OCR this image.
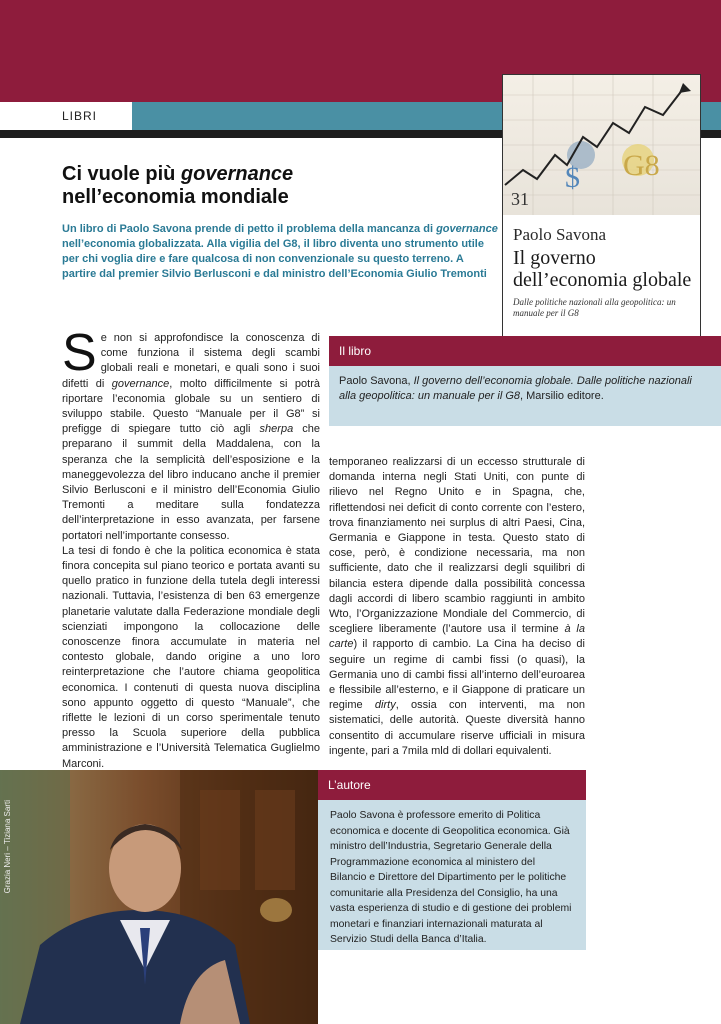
LIBRI
$ G8
31
Paolo Savona
Il governo dell’economia globale
Dalle politiche nazionali alla geopolitica: un manuale per il G8
Ci vuole più governance
nell’economia mondiale
Un libro di Paolo Savona prende di petto il problema della mancanza di governance nell’economia globalizzata. Alla vigilia del G8, il libro diventa uno strumento utile per chi voglia dire e fare qualcosa di non convenzionale su questo terreno. A partire dal premier Silvio Berlusconi e dal ministro dell’Economia Giulio Tremonti
Se non si approfondisce la conoscenza di come funziona il sistema degli scambi globali reali e monetari, e quali sono i suoi difetti di governance, molto difficilmente si potrà riportare l’economia globale su un sentiero di sviluppo stabile. Questo “Manuale per il G8” si prefigge di spiegare tutto ciò agli sherpa che preparano il summit della Maddalena, con la speranza che la semplicità dell’esposizione e la maneggevolezza del libro inducano anche il premier Silvio Berlusconi e il ministro dell’Economia Giulio Tremonti a meditare sulla fondatezza dell’interpretazione in esso avanzata, per farsene portatori nell’importante consesso.
La tesi di fondo è che la politica economica è stata finora concepita sul piano teorico e portata avanti su quello pratico in funzione della tutela degli interessi nazionali. Tuttavia, l’esistenza di ben 63 emergenze planetarie valutate dalla Federazione mondiale degli scienziati impongono la collocazione delle conoscenze finora accumulate in materia nel contesto globale, dando origine a uno loro reinterpretazione che l’autore chiama geopolitica economica. I contenuti di questa nuova disciplina sono appunto oggetto di questo “Manuale”, che riflette le lezioni di un corso sperimentale tenuto presso la Scuola superiore della pubblica amministrazione e l’Università Telematica Guglielmo Marconi.

Il libro
Paolo Savona, Il governo dell’economia globale. Dalle politiche nazionali alla geopolitica: un manuale per il G8, Marsilio editore.
temporaneo realizzarsi di un eccesso strutturale di domanda interna negli Stati Uniti, con punte di rilievo nel Regno Unito e in Spagna, che, riflettendosi nei deficit di conto corrente con l’estero, trova finanziamento nei surplus di altri Paesi, Cina, Germania e Giappone in testa. Questo stato di cose, però, è condizione necessaria, ma non sufficiente, dato che il realizzarsi degli squilibri di bilancia estera dipende dalla possibilità concessa dagli accordi di libero scambio raggiunti in ambito Wto, l’Organizzazione Mondiale del Commercio, di scegliere liberamente (l’autore usa il termine à la carte) il rapporto di cambio. La Cina ha deciso di seguire un regime di cambi fissi (o quasi), la Germania uno di cambi fissi all’interno dell’euroarea e flessibile all’esterno, e il Giappone di praticare un regime dirty, ossia con interventi, ma non sistematici, delle autorità. Queste diversità hanno consentito di accumulare riserve ufficiali in misura ingente, pari a 7mila mld di dollari equivalenti.
Grazia Neri – Tiziana Sarti
L’autore
Paolo Savona è professore emerito di Politica economica e docente di Geopolitica economica. Già ministro dell’Industria, Segretario Generale della Programmazione economica al ministero del Bilancio e Direttore del Dipartimento per le politiche comunitarie alla Presidenza del Consiglio, ha una vasta esperienza di studio e di gestione dei problemi monetari e finanziari internazionali maturata al Servizio Studi della Banca d’Italia.
